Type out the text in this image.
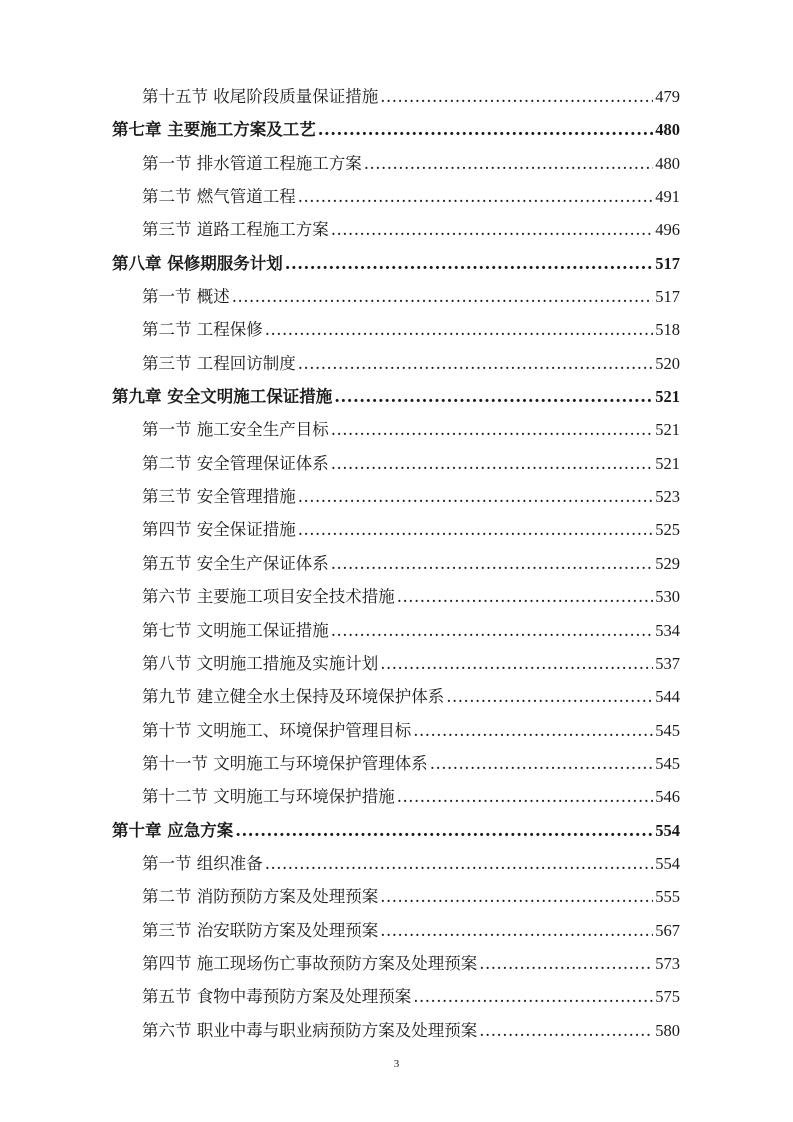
第十五节 收尾阶段质量保证措施 .....	479
第七章 主要施工方案及工艺 .....	480
第一节 排水管道工程施工方案 .....	480
第二节 燃气管道工程 .....	491
第三节 道路工程施工方案 .....	496
第八章 保修期服务计划 .....	517
第一节 概述 .....	517
第二节 工程保修 .....	518
第三节 工程回访制度 .....	520
第九章 安全文明施工保证措施 .....	521
第一节 施工安全生产目标 .....	521
第二节 安全管理保证体系 .....	521
第三节 安全管理措施 .....	523
第四节 安全保证措施 .....	525
第五节 安全生产保证体系 .....	529
第六节 主要施工项目安全技术措施 .....	530
第七节 文明施工保证措施 .....	534
第八节 文明施工措施及实施计划 .....	537
第九节 建立健全水土保持及环境保护体系 .....	544
第十节 文明施工、环境保护管理目标 .....	545
第十一节 文明施工与环境保护管理体系 .....	545
第十二节 文明施工与环境保护措施 .....	546
第十章 应急方案 .....	554
第一节 组织准备 .....	554
第二节 消防预防方案及处理预案 .....	555
第三节 治安联防方案及处理预案 .....	567
第四节 施工现场伤亡事故预防方案及处理预案 .....	573
第五节 食物中毒预防方案及处理预案 .....	575
第六节 职业中毒与职业病预防方案及处理预案 .....	580
3
